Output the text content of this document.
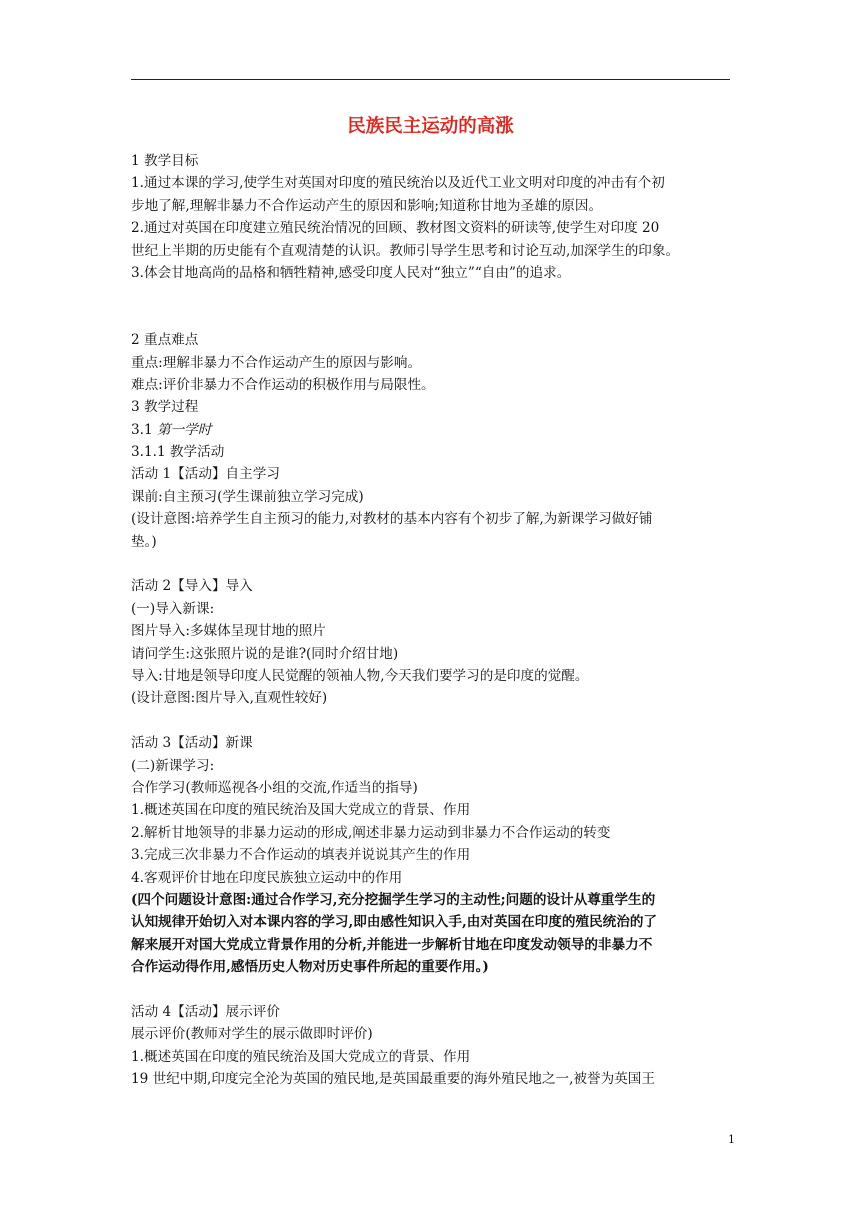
民族民主运动的高涨
1 教学目标
1.通过本课的学习,使学生对英国对印度的殖民统治以及近代工业文明对印度的冲击有个初
步地了解,理解非暴力不合作运动产生的原因和影响;知道称甘地为圣雄的原因。
2.通过对英国在印度建立殖民统治情况的回顾、教材图文资料的研读等,使学生对印度 20
世纪上半期的历史能有个直观清楚的认识。教师引导学生思考和讨论互动,加深学生的印象。
3.体会甘地高尚的品格和牺牲精神,感受印度人民对“独立”“自由”的追求。
2 重点难点
重点:理解非暴力不合作运动产生的原因与影响。
难点:评价非暴力不合作运动的积极作用与局限性。
3 教学过程
3.1 第一学时
3.1.1 教学活动
活动 1【活动】自主学习
课前:自主预习(学生课前独立学习完成)
(设计意图:培养学生自主预习的能力,对教材的基本内容有个初步了解,为新课学习做好铺
垫。)
活动 2【导入】导入
(一)导入新课:
图片导入:多媒体呈现甘地的照片
请问学生:这张照片说的是谁?(同时介绍甘地)
导入:甘地是领导印度人民觉醒的领袖人物,今天我们要学习的是印度的觉醒。
(设计意图:图片导入,直观性较好)
活动 3【活动】新课
(二)新课学习:
合作学习(教师巡视各小组的交流,作适当的指导)
1.概述英国在印度的殖民统治及国大党成立的背景、作用
2.解析甘地领导的非暴力运动的形成,阐述非暴力运动到非暴力不合作运动的转变
3.完成三次非暴力不合作运动的填表并说说其产生的作用
4.客观评价甘地在印度民族独立运动中的作用
(四个问题设计意图:通过合作学习,充分挖掘学生学习的主动性;问题的设计从尊重学生的
认知规律开始切入对本课内容的学习,即由感性知识入手,由对英国在印度的殖民统治的了
解来展开对国大党成立背景作用的分析,并能进一步解析甘地在印度发动领导的非暴力不
合作运动得作用,感悟历史人物对历史事件所起的重要作用。)
活动 4【活动】展示评价
展示评价(教师对学生的展示做即时评价)
1.概述英国在印度的殖民统治及国大党成立的背景、作用
19 世纪中期,印度完全沦为英国的殖民地,是英国最重要的海外殖民地之一,被誉为英国王
1
